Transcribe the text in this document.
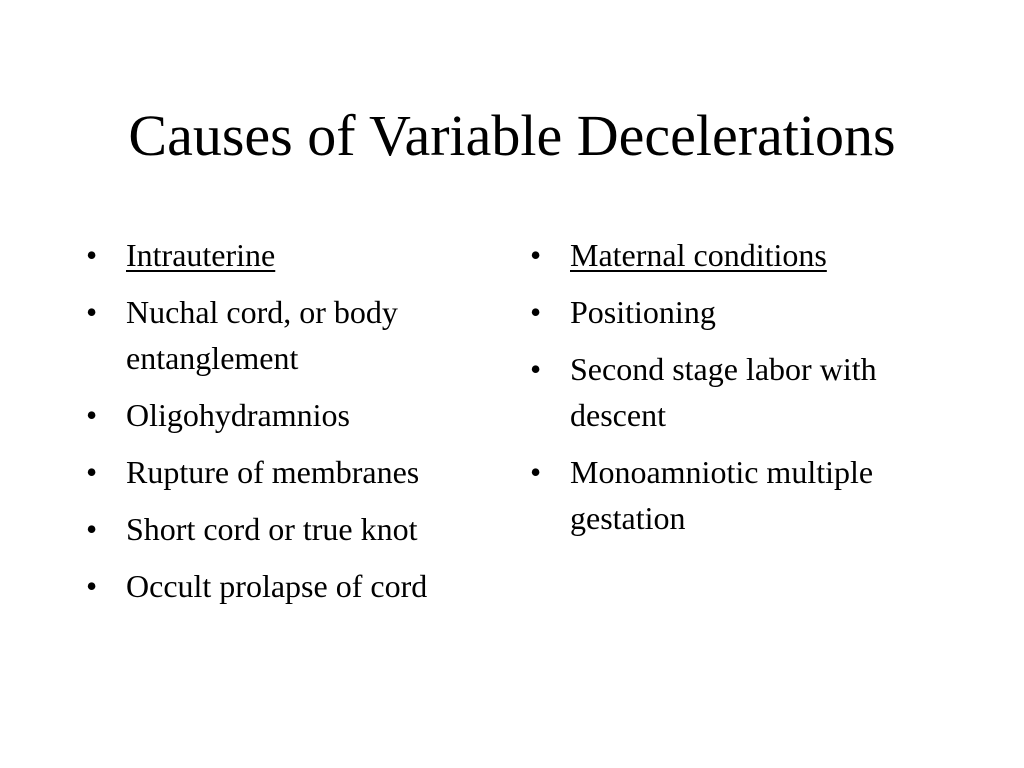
Causes of Variable Decelerations
• Intrauterine
• Nuchal cord, or body entanglement
• Oligohydramnios
• Rupture of membranes
• Short cord or true knot
• Occult prolapse of cord
• Maternal conditions
• Positioning
• Second stage labor with descent
• Monoamniotic multiple gestation
